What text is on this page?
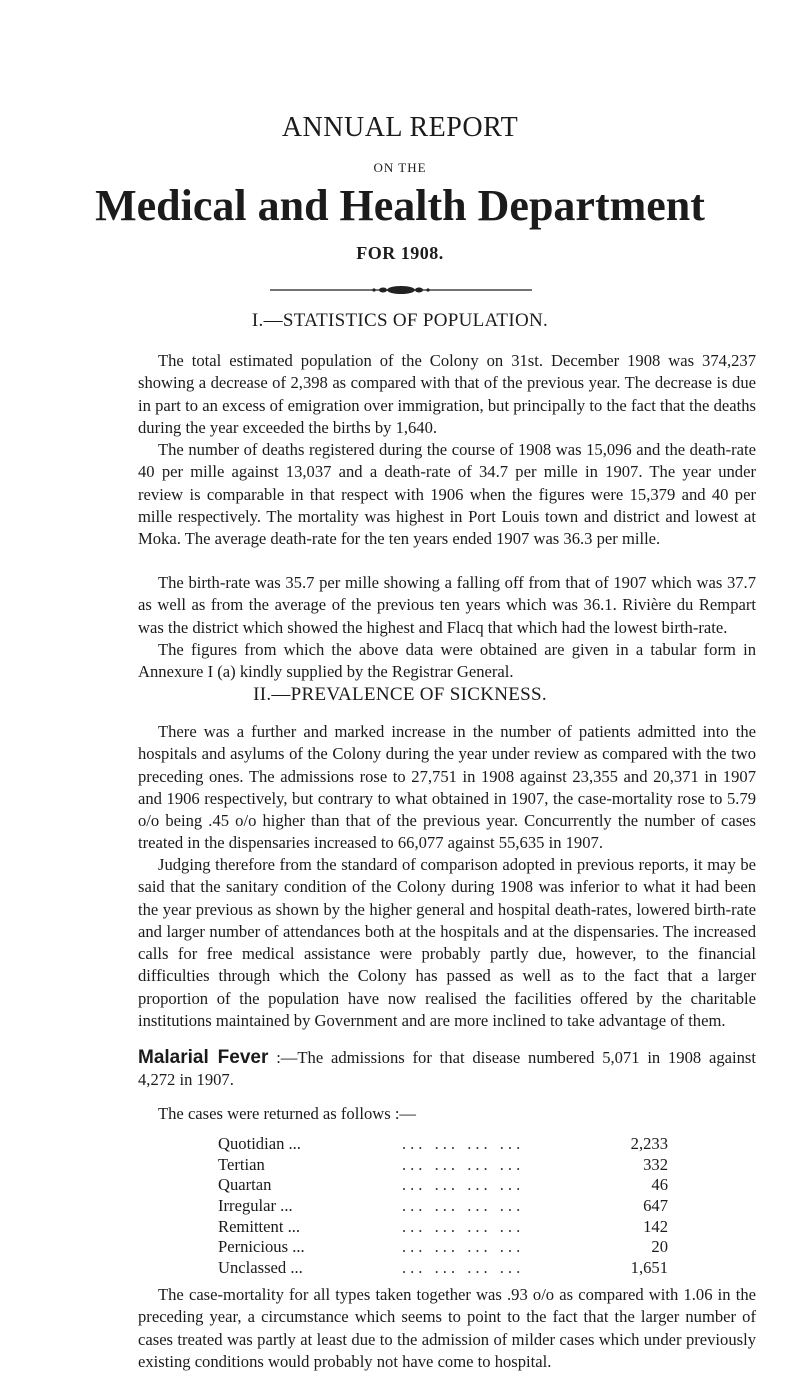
ANNUAL REPORT
ON THE
Medical and Health Department
FOR 1908.
I.—STATISTICS OF POPULATION.

The total estimated population of the Colony on 31st. December 1908 was 374,237 showing a decrease of 2,398 as compared with that of the previous year. The decrease is due in part to an excess of emigration over immigration, but principally to the fact that the deaths during the year exceeded the births by 1,640.

The number of deaths registered during the course of 1908 was 15,096 and the death-rate 40 per mille against 13,037 and a death-rate of 34.7 per mille in 1907. The year under review is comparable in that respect with 1906 when the figures were 15,379 and 40 per mille respectively. The mortality was highest in Port Louis town and district and lowest at Moka. The average death-rate for the ten years ended 1907 was 36.3 per mille.

The birth-rate was 35.7 per mille showing a falling off from that of 1907 which was 37.7 as well as from the average of the previous ten years which was 36.1. Rivière du Rempart was the district which showed the highest and Flacq that which had the lowest birth-rate.

The figures from which the above data were obtained are given in a tabular form in Annexure I (a) kindly supplied by the Registrar General.

II.—PREVALENCE OF SICKNESS.

There was a further and marked increase in the number of patients admitted into the hospitals and asylums of the Colony during the year under review as compared with the two preceding ones. The admissions rose to 27,751 in 1908 against 23,355 and 20,371 in 1907 and 1906 respectively, but contrary to what obtained in 1907, the case-mortality rose to 5.79 o/o being .45 o/o higher than that of the previous year. Concurrently the number of cases treated in the dispensaries increased to 66,077 against 55,635 in 1907.

Judging therefore from the standard of comparison adopted in previous reports, it may be said that the sanitary condition of the Colony during 1908 was inferior to what it had been the year previous as shown by the higher general and hospital death-rates, lowered birth-rate and larger number of attendances both at the hospitals and at the dispensaries. The increased calls for free medical assistance were probably partly due, however, to the financial difficulties through which the Colony has passed as well as to the fact that a larger proportion of the population have now realised the facilities offered by the charitable institutions maintained by Government and are more inclined to take advantage of them.

Malarial Fever :—The admissions for that disease numbered 5,071 in 1908 against 4,272 in 1907.

The cases were returned as follows :—

Quotidian ...	... ... ... ...	2,233
Tertian	... ... ... ...	332
Quartan	... ... ... ...	46
Irregular ...	... ... ... ...	647
Remittent ...	... ... ... ...	142
Pernicious ...	... ... ... ...	20
Unclassed ...	... ... ... ...	1,651

The case-mortality for all types taken together was .93 o/o as compared with 1.06 in the preceding year, a circumstance which seems to point to the fact that the larger number of cases treated was partly at least due to the admission of milder cases which under previously existing conditions would probably not have come to hospital.
